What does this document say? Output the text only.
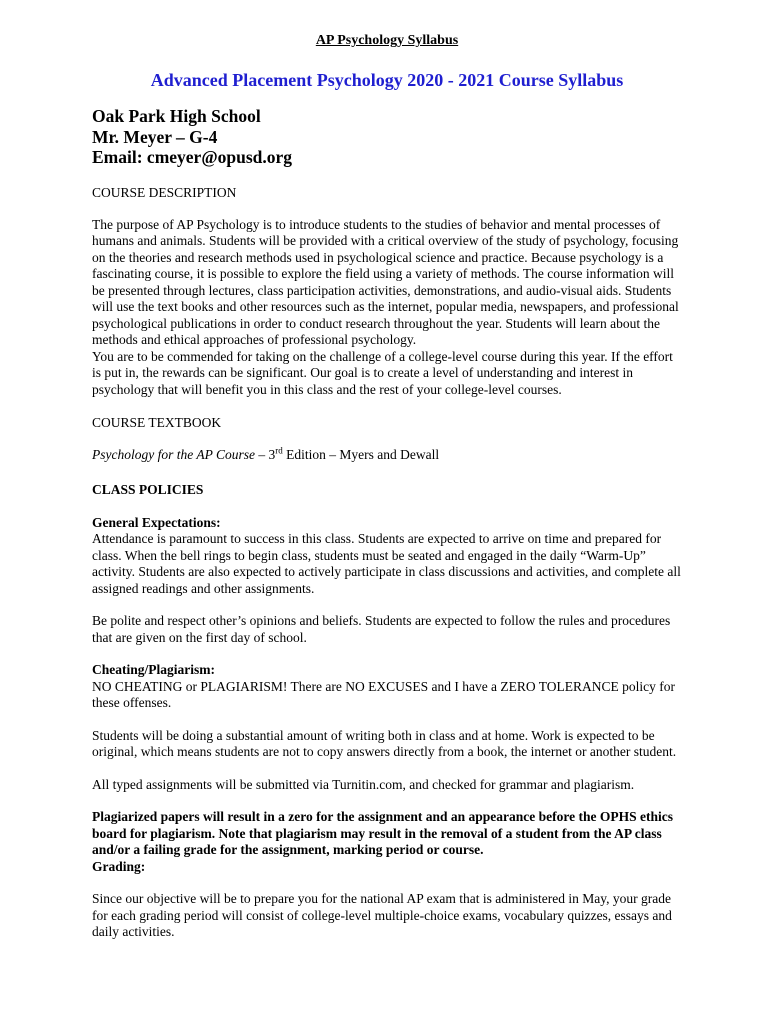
AP Psychology Syllabus
Advanced Placement Psychology 2020 - 2021 Course Syllabus
Oak Park High School
Mr. Meyer – G-4
Email: cmeyer@opusd.org
COURSE DESCRIPTION

The purpose of AP Psychology is to introduce students to the studies of behavior and mental processes of humans and animals. Students will be provided with a critical overview of the study of psychology, focusing on the theories and research methods used in psychological science and practice. Because psychology is a fascinating course, it is possible to explore the field using a variety of methods. The course information will be presented through lectures, class participation activities, demonstrations, and audio-visual aids. Students will use the text books and other resources such as the internet, popular media, newspapers, and professional psychological publications in order to conduct research throughout the year. Students will learn about the methods and ethical approaches of professional psychology.

You are to be commended for taking on the challenge of a college-level course during this year. If the effort is put in, the rewards can be significant. Our goal is to create a level of understanding and interest in psychology that will benefit you in this class and the rest of your college-level courses.

COURSE TEXTBOOK

Psychology for the AP Course – 3rd Edition – Myers and Dewall

CLASS POLICIES
General Expectations:

Attendance is paramount to success in this class. Students are expected to arrive on time and prepared for class. When the bell rings to begin class, students must be seated and engaged in the daily “Warm-Up” activity. Students are also expected to actively participate in class discussions and activities, and complete all assigned readings and other assignments.

Be polite and respect other’s opinions and beliefs. Students are expected to follow the rules and procedures that are given on the first day of school.

Cheating/Plagiarism:

NO CHEATING or PLAGIARISM! There are NO EXCUSES and I have a ZERO TOLERANCE policy for these offenses.

Students will be doing a substantial amount of writing both in class and at home. Work is expected to be original, which means students are not to copy answers directly from a book, the internet or another student.

All typed assignments will be submitted via Turnitin.com, and checked for grammar and plagiarism.

Plagiarized papers will result in a zero for the assignment and an appearance before the OPHS ethics board for plagiarism. Note that plagiarism may result in the removal of a student from the AP class and/or a failing grade for the assignment, marking period or course.

Grading:

Since our objective will be to prepare you for the national AP exam that is administered in May, your grade for each grading period will consist of college-level multiple-choice exams, vocabulary quizzes, essays and daily activities.
